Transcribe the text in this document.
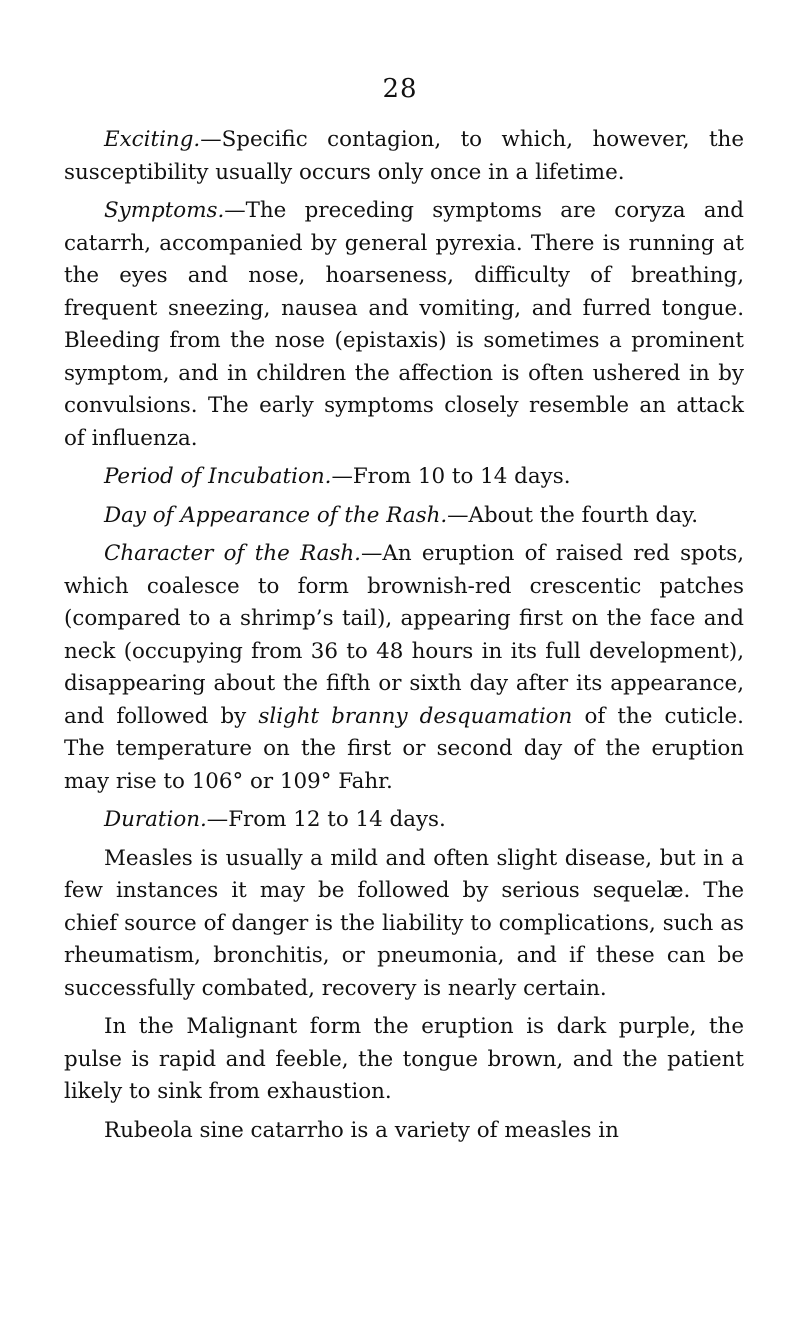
28

Exciting.—Specific contagion, to which, however, the susceptibility usually occurs only once in a lifetime.

Symptoms.—The preceding symptoms are coryza and catarrh, accompanied by general pyrexia. There is running at the eyes and nose, hoarseness, difficulty of breathing, frequent sneezing, nausea and vomiting, and furred tongue. Bleeding from the nose (epistaxis) is sometimes a prominent symptom, and in children the affection is often ushered in by convulsions. The early symptoms closely resemble an attack of influenza.

Period of Incubation.—From 10 to 14 days.

Day of Appearance of the Rash.—About the fourth day.

Character of the Rash.—An eruption of raised red spots, which coalesce to form brownish-red crescentic patches (compared to a shrimp’s tail), appearing first on the face and neck (occupying from 36 to 48 hours in its full development), disappearing about the fifth or sixth day after its appearance, and followed by slight branny desquamation of the cuticle. The temperature on the first or second day of the eruption may rise to 106° or 109° Fahr.

Duration.—From 12 to 14 days.

Measles is usually a mild and often slight disease, but in a few instances it may be followed by serious sequelæ. The chief source of danger is the liability to complications, such as rheumatism, bronchitis, or pneumonia, and if these can be successfully combated, recovery is nearly certain.

In the Malignant form the eruption is dark purple, the pulse is rapid and feeble, the tongue brown, and the patient likely to sink from exhaustion.

Rubeola sine catarrho is a variety of measles in
